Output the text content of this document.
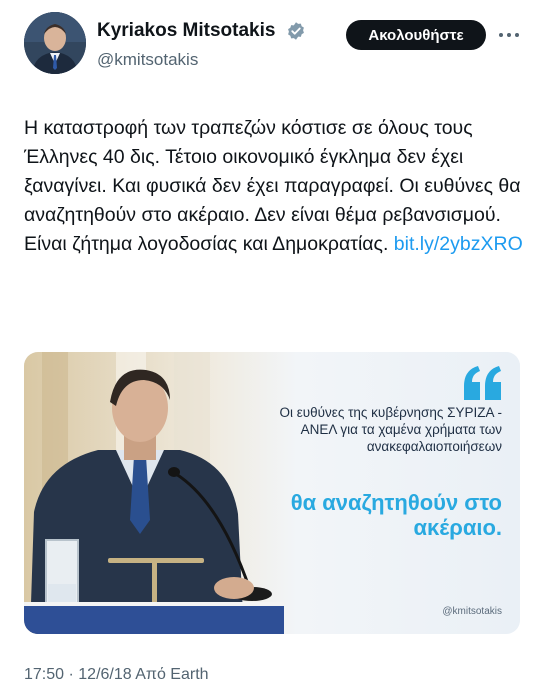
Kyriakos Mitsotakis
@kmitsotakis
Ακολουθήστε
Η καταστροφή των τραπεζών κόστισε σε όλους τους Έλληνες 40 δις. Τέτοιο οικονομικό έγκλημα δεν έχει ξαναγίνει. Και φυσικά δεν έχει παραγραφεί. Οι ευθύνες θα αναζητηθούν στο ακέραιο. Δεν είναι θέμα ρεβανσισμού. Είναι ζήτημα λογοδοσίας και Δημοκρατίας. bit.ly/2ybzXRO
Οι ευθύνες της κυβέρνησης ΣΥΡΙΖΑ - ΑΝΕΛ για τα χαμένα χρήματα των ανακεφαλαιοποιήσεων
θα αναζητηθούν στο ακέραιο.
@kmitsotakis
17:50 · 12/6/18 Από Earth
